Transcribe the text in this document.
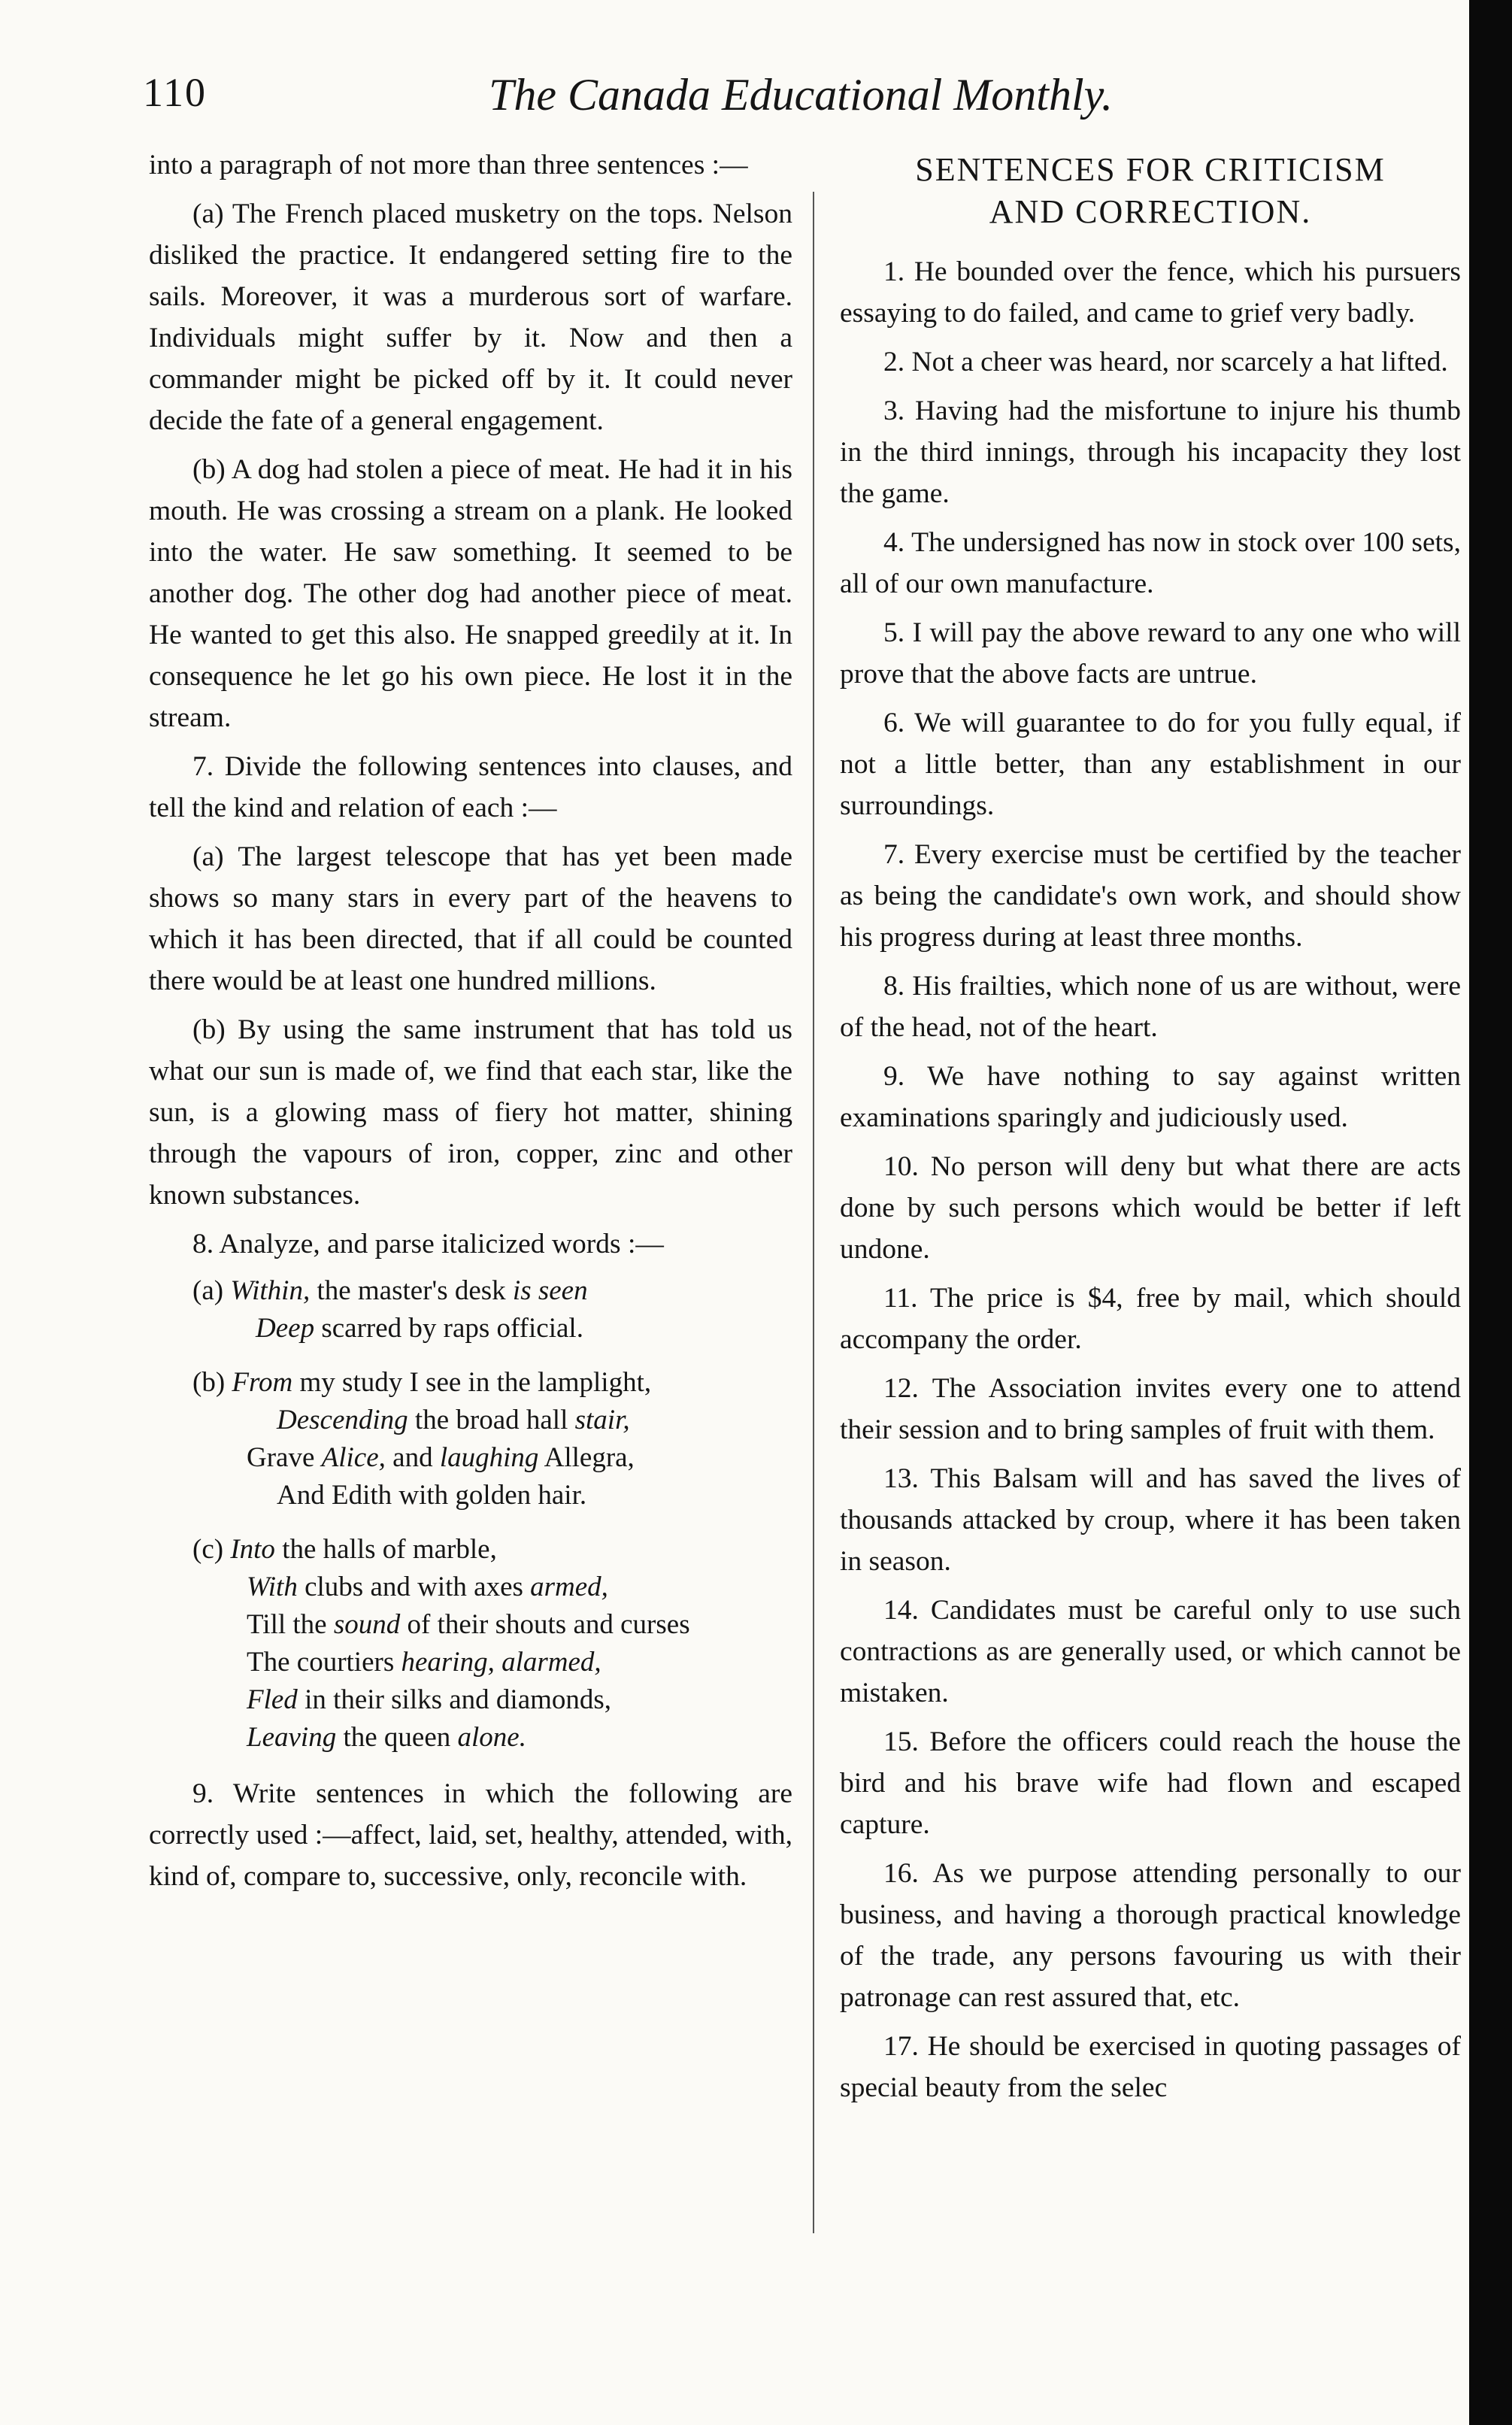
110	The Canada Educational Monthly.

into a paragraph of not more than three sentences :—

(a) The French placed musketry on the tops. Nelson disliked the practice. It endangered setting fire to the sails. Moreover, it was a murderous sort of warfare. Individuals might suffer by it. Now and then a commander might be picked off by it. It could never decide the fate of a general engagement.

(b) A dog had stolen a piece of meat. He had it in his mouth. He was crossing a stream on a plank. He looked into the water. He saw something. It seemed to be another dog. The other dog had another piece of meat. He wanted to get this also. He snapped greedily at it. In consequence he let go his own piece. He lost it in the stream.

7. Divide the following sentences into clauses, and tell the kind and relation of each :—

(a) The largest telescope that has yet been made shows so many stars in every part of the heavens to which it has been directed, that if all could be counted there would be at least one hundred millions.

(b) By using the same instrument that has told us what our sun is made of, we find that each star, like the sun, is a glowing mass of fiery hot matter, shining through the vapours of iron, copper, zinc and other known substances.

8. Analyze, and parse italicized words :—

(a) Within, the master's desk is seen
Deep scarred by raps official.
(b) From my study I see in the lamplight,
Descending the broad hall stair,
Grave Alice, and laughing Allegra,
And Edith with golden hair.
(c) Into the halls of marble,
With clubs and with axes armed,
Till the sound of their shouts and curses
The courtiers hearing, alarmed,
Fled in their silks and diamonds,
Leaving the queen alone.

9. Write sentences in which the following are correctly used :—affect, laid, set, healthy, attended, with, kind of, compare to, successive, only, reconcile with.

SENTENCES FOR CRITICISM
AND CORRECTION.

1. He bounded over the fence, which his pursuers essaying to do failed, and came to grief very badly.

2. Not a cheer was heard, nor scarcely a hat lifted.

3. Having had the misfortune to injure his thumb in the third innings, through his incapacity they lost the game.

4. The undersigned has now in stock over 100 sets, all of our own manufacture.

5. I will pay the above reward to any one who will prove that the above facts are untrue.

6. We will guarantee to do for you fully equal, if not a little better, than any establishment in our surroundings.

7. Every exercise must be certified by the teacher as being the candidate's own work, and should show his progress during at least three months.

8. His frailties, which none of us are without, were of the head, not of the heart.

9. We have nothing to say against written examinations sparingly and judiciously used.

10. No person will deny but what there are acts done by such persons which would be better if left undone.

11. The price is $4, free by mail, which should accompany the order.

12. The Association invites every one to attend their session and to bring samples of fruit with them.

13. This Balsam will and has saved the lives of thousands attacked by croup, where it has been taken in season.

14. Candidates must be careful only to use such contractions as are generally used, or which cannot be mistaken.

15. Before the officers could reach the house the bird and his brave wife had flown and escaped capture.

16. As we purpose attending personally to our business, and having a thorough practical knowledge of the trade, any persons favouring us with their patronage can rest assured that, etc.

17. He should be exercised in quoting passages of special beauty from the selec
